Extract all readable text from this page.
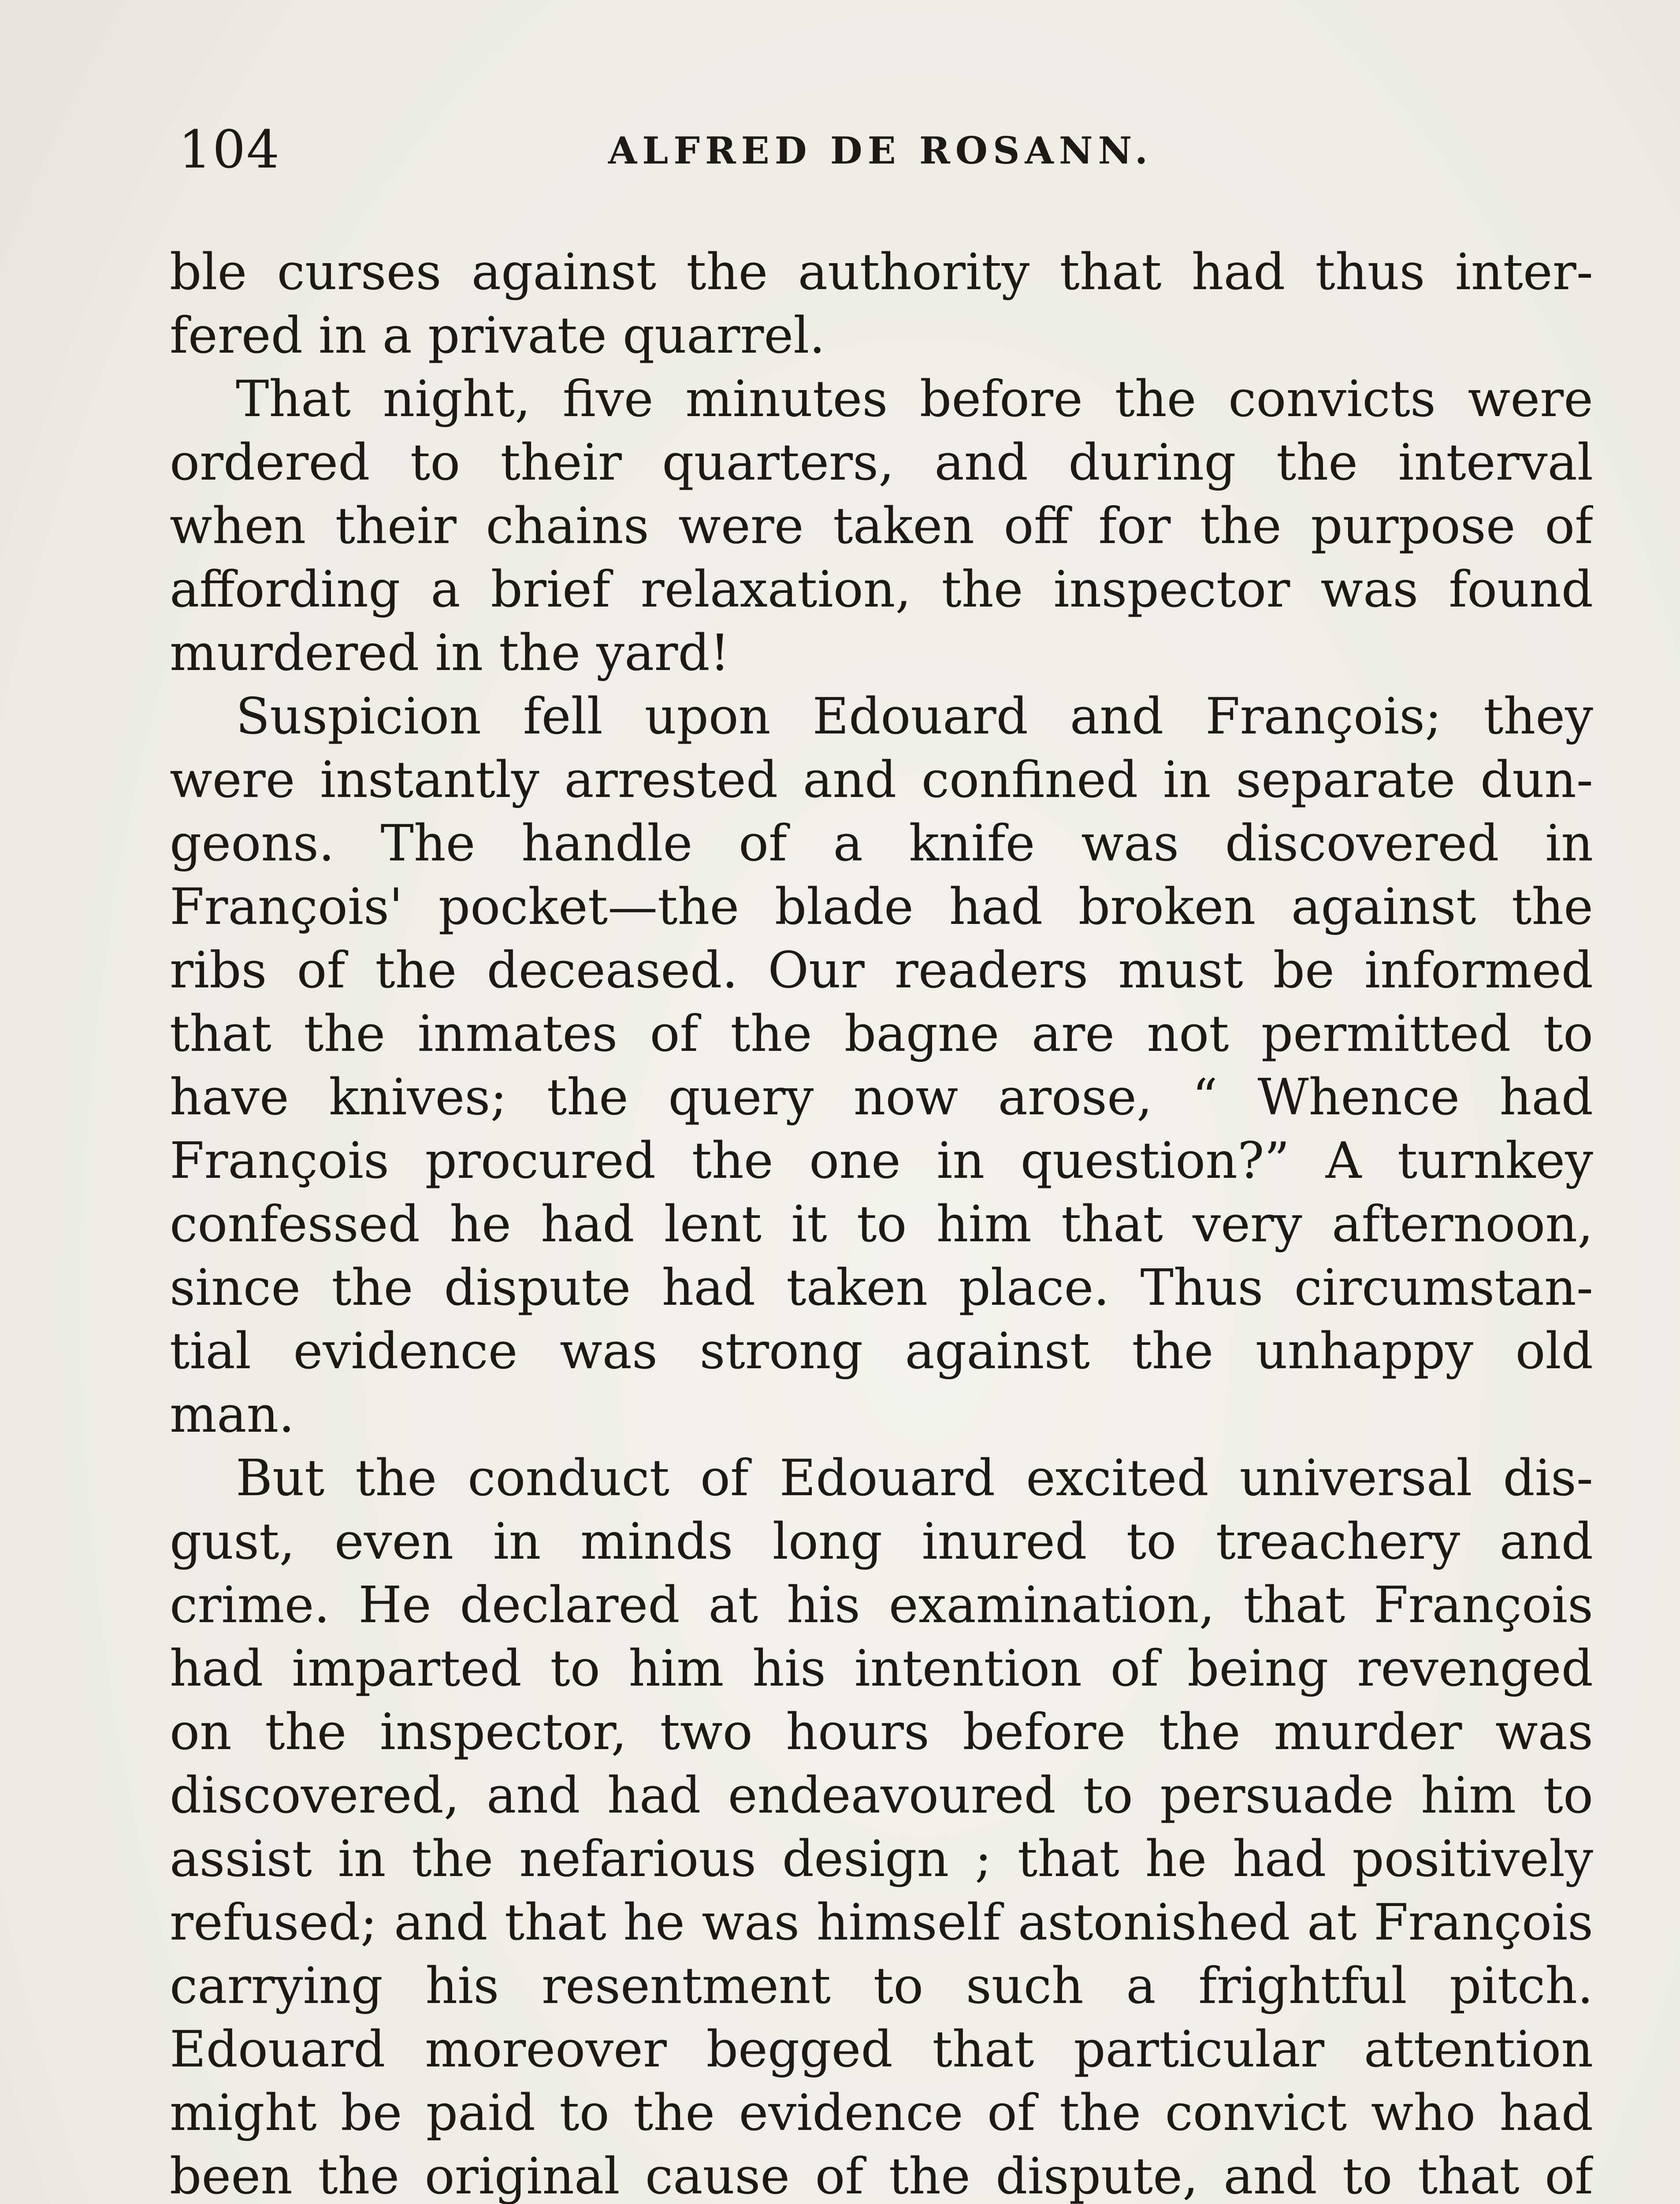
104	ALFRED DE ROSANN.
ble curses against the authority that had thus inter-
fered in a private quarrel.
That night, five minutes before the convicts were
ordered to their quarters, and during the interval
when their chains were taken off for the purpose of
affording a brief relaxation, the inspector was found
murdered in the yard!
Suspicion fell upon Edouard and François; they
were instantly arrested and confined in separate dun-
geons. The handle of a knife was discovered in
François' pocket—the blade had broken against the
ribs of the deceased. Our readers must be informed
that the inmates of the bagne are not permitted to
have knives; the query now arose, “ Whence had
François procured the one in question?” A turnkey
confessed he had lent it to him that very afternoon,
since the dispute had taken place. Thus circumstan-
tial evidence was strong against the unhappy old
man.
But the conduct of Edouard excited universal dis-
gust, even in minds long inured to treachery and
crime. He declared at his examination, that François
had imparted to him his intention of being revenged
on the inspector, two hours before the murder was
discovered, and had endeavoured to persuade him to
assist in the nefarious design ; that he had positively
refused; and that he was himself astonished at François
carrying his resentment to such a frightful pitch.
Edouard moreover begged that particular attention
might be paid to the evidence of the convict who had
been the original cause of the dispute, and to that of
